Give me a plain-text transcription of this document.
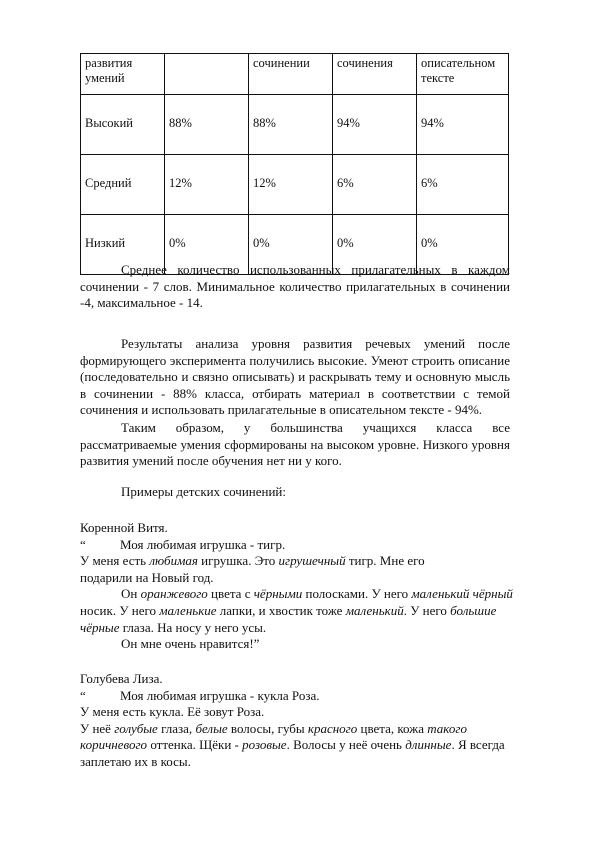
развития умений		сочинении	сочинения	описательном тексте
Высокий	88%	88%	94%	94%
Средний	12%	12%	6%	6%
Низкий	0%	0%	0%	0%

Среднее количество использованных прилагательных в каждом сочинении - 7 слов. Минимальное количество прилагательных в сочинении -4, максимальное - 14.

Результаты анализа уровня развития речевых умений после формирующего эксперимента получились высокие. Умеют строить описание (последовательно и связно описывать) и раскрывать тему и основную мысль в сочинении - 88% класса, отбирать материал в соответствии с темой сочинения и использовать прилагательные в описательном тексте - 94%.

Таким образом, у большинства учащихся класса все рассматриваемые умения сформированы на высоком уровне. Низкого уровня развития умений после обучения нет ни у кого.

Примеры детских сочинений:
Коренной Витя.
“	Моя любимая игрушка - тигр.
У меня есть любимая игрушка. Это игрушечный тигр. Мне его
подарили на Новый год.
Он оранжевого цвета с чёрными полосками. У него маленький чёрный
носик. У него маленькие лапки, и хвостик тоже маленький. У него большие
чёрные глаза. На носу у него усы.
Он мне очень нравится!”
Голубева Лиза.
“	Моя любимая игрушка - кукла Роза.
У меня есть кукла. Её зовут Роза.
У неё голубые глаза, белые волосы, губы красного цвета, кожа такого
коричневого оттенка. Щёки - розовые. Волосы у неё очень длинные. Я всегда
заплетаю их в косы.
